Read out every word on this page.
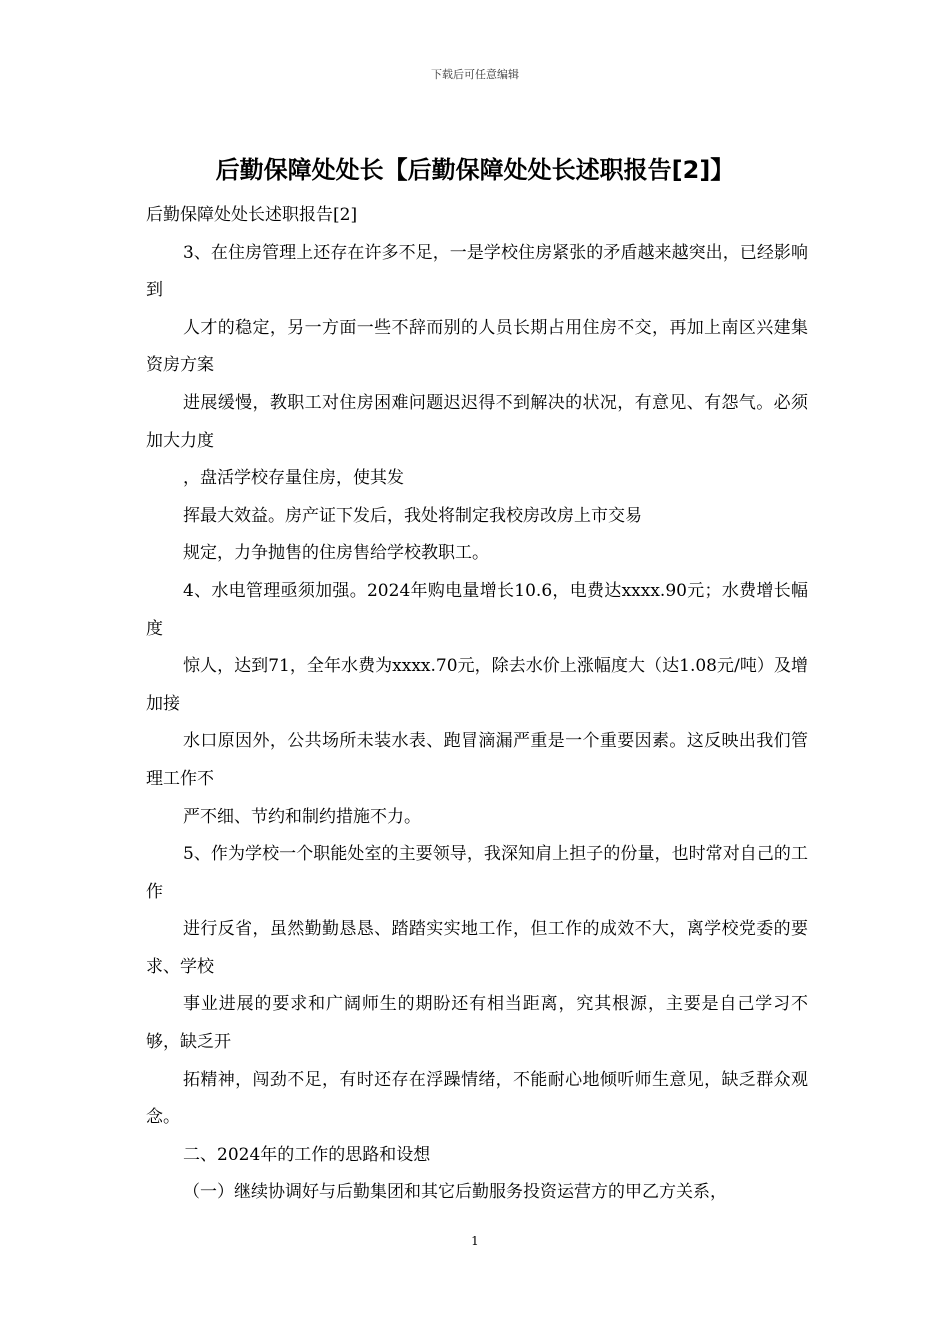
下载后可任意编辑
后勤保障处处长【后勤保障处处长述职报告[2]】

后勤保障处处长述职报告[2]

3、在住房管理上还存在许多不足，一是学校住房紧张的矛盾越来越突出，已经影响到

人才的稳定，另一方面一些不辞而别的人员长期占用住房不交，再加上南区兴建集资房方案

进展缓慢，教职工对住房困难问题迟迟得不到解决的状况，有意见、有怨气。必须加大力度

，盘活学校存量住房，使其发

挥最大效益。房产证下发后，我处将制定我校房改房上市交易

规定，力争抛售的住房售给学校教职工。

4、水电管理亟须加强。2024年购电量增长10.6，电费达xxxx.90元；水费增长幅度

惊人，达到71，全年水费为xxxx.70元，除去水价上涨幅度大（达1.08元/吨）及增加接

水口原因外，公共场所未装水表、跑冒滴漏严重是一个重要因素。这反映出我们管理工作不

严不细、节约和制约措施不力。

5、作为学校一个职能处室的主要领导，我深知肩上担子的份量，也时常对自己的工作

进行反省，虽然勤勤恳恳、踏踏实实地工作，但工作的成效不大，离学校党委的要求、学校

事业进展的要求和广阔师生的期盼还有相当距离，究其根源，主要是自己学习不够，缺乏开

拓精神，闯劲不足，有时还存在浮躁情绪，不能耐心地倾听师生意见，缺乏群众观念。

二、2024年的工作的思路和设想

（一）继续协调好与后勤集团和其它后勤服务投资运营方的甲乙方关系，

1
